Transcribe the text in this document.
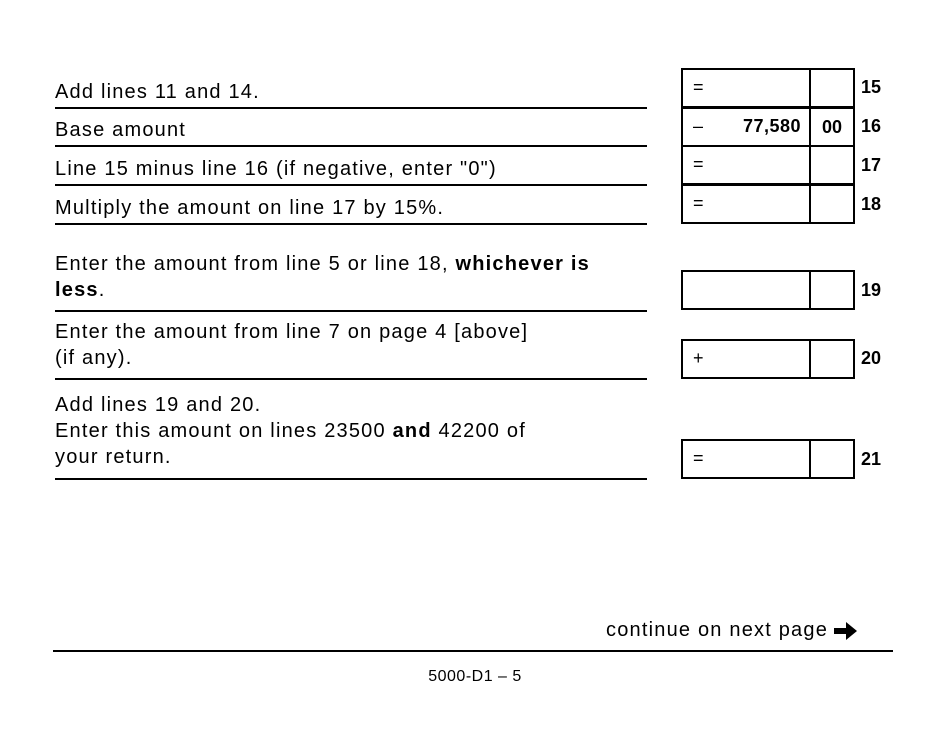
Add lines 11 and 14.	=	15
Base amount	– 77,580	00	16
Line 15 minus line 16 (if negative, enter "0")	=	17
Multiply the amount on line 17 by 15%.	=	18
Enter the amount from line 5 or line 18, whichever is less.	19
Enter the amount from line 7 on page 4 [above]
(if any).	+	20
Add lines 19 and 20.
Enter this amount on lines 23500 and 42200 of
your return.	=	21
continue on next page
5000-D1 – 5
